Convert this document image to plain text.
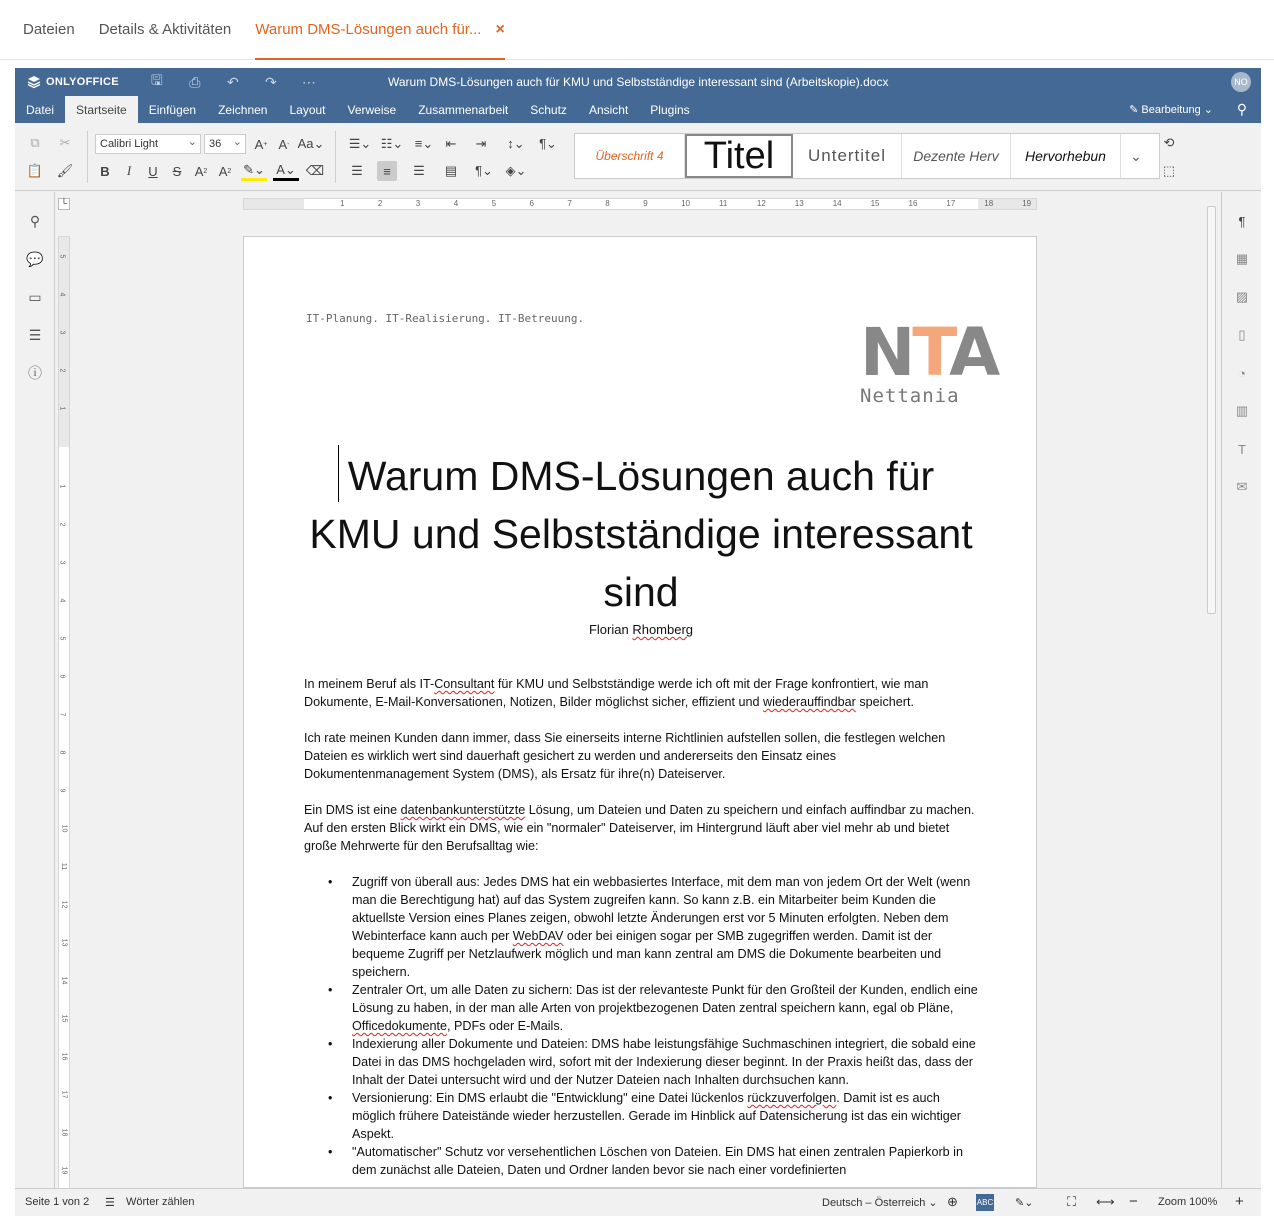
Dateien Details & Aktivitäten Warum DMS-Lösungen auch für... ×
ONLYOFFICE 🖫 ⎙ ↶ ↷ ⋯	Warum DMS-Lösungen auch für KMU und Selbstständige interessant sind (Arbeitskopie).docx	NO
Datei	Startseite	Einfügen	Zeichnen	Layout	Verweise	Zusammenarbeit	Schutz	Ansicht	Plugins	✎ Bearbeitung ⌄ ⚲
⧉	✂
📋 🖌
Calibri Light ⌄	36 ⌄	A + A - Aa⌄
B	I	U	S	A 2 A 2 ✎⌄ A⌄ ⌫
☰⌄ ☷⌄ ≡⌄ ⇤	⇥	↕⌄	¶⌄
☰	≡	☰	▤	¶⌄ ◈⌄
Überschrift 4	Titel	Untertitel	Dezente Herv	Hervorhebun	⌄
⟲
⬚
⚲
💬
▭
☰
ⓘ
└	1	2	3	4	5	6	7	8	9	10	11	12	13	14	15	16	17	18	19
5
4
3
2
1
1
2
3
4
5
6
7
8
9
10
11
12
13
14
15
16
17
18
19
IT-Planung. IT-Realisierung. IT-Betreuung.	NTA
Nettania
Warum DMS-Lösungen auch für KMU und Selbstständige interessant sind
Florian Rhomberg

In meinem Beruf als IT-Consultant für KMU und Selbstständige werde ich oft mit der Frage konfrontiert, wie man Dokumente, E-Mail-Konversationen, Notizen, Bilder möglichst sicher, effizient und wiederauffindbar speichert.

Ich rate meinen Kunden dann immer, dass Sie einerseits interne Richtlinien aufstellen sollen, die festlegen welchen Dateien es wirklich wert sind dauerhaft gesichert zu werden und andererseits den Einsatz eines Dokumentenmanagement System (DMS), als Ersatz für ihre(n) Dateiserver.

Ein DMS ist eine datenbankunterstützte Lösung, um Dateien und Daten zu speichern und einfach auffindbar zu machen. Auf den ersten Blick wirkt ein DMS, wie ein "normaler" Dateiserver, im Hintergrund läuft aber viel mehr ab und bietet große Mehrwerte für den Berufsalltag wie:

• Zugriff von überall aus: Jedes DMS hat ein webbasiertes Interface, mit dem man von jedem Ort der Welt (wenn man die Berechtigung hat) auf das System zugreifen kann. So kann z.B. ein Mitarbeiter beim Kunden die aktuellste Version eines Planes zeigen, obwohl letzte Änderungen erst vor 5 Minuten erfolgten. Neben dem Webinterface kann auch per WebDAV oder bei einigen sogar per SMB zugegriffen werden. Damit ist der bequeme Zugriff per Netzlaufwerk möglich und man kann zentral am DMS die Dokumente bearbeiten und speichern.
• Zentraler Ort, um alle Daten zu sichern: Das ist der relevanteste Punkt für den Großteil der Kunden, endlich eine Lösung zu haben, in der man alle Arten von projektbezogenen Daten zentral speichern kann, egal ob Pläne, Officedokumente, PDFs oder E-Mails.
• Indexierung aller Dokumente und Dateien: DMS habe leistungsfähige Suchmaschinen integriert, die sobald eine Datei in das DMS hochgeladen wird, sofort mit der Indexierung dieser beginnt. In der Praxis heißt das, dass der Inhalt der Datei untersucht wird und der Nutzer Dateien nach Inhalten durchsuchen kann.
• Versionierung: Ein DMS erlaubt die "Entwicklung" eine Datei lückenlos rückzuverfolgen. Damit ist es auch möglich frühere Dateistände wieder herzustellen. Gerade im Hinblick auf Datensicherung ist das ein wichtiger Aspekt.
• "Automatischer" Schutz vor versehentlichen Löschen von Dateien. Ein DMS hat einen zentralen Papierkorb in dem zunächst alle Dateien, Daten und Ordner landen bevor sie nach einer vordefinierten
¶
▦
▨
▯
◔
▥
T
✉
Seite 1 von 2 ☰ Wörter zählen	Deutsch – Österreich ⌄ ⊕ ABC ✎⌄	⛶ ⟷ − Zoom 100% +
